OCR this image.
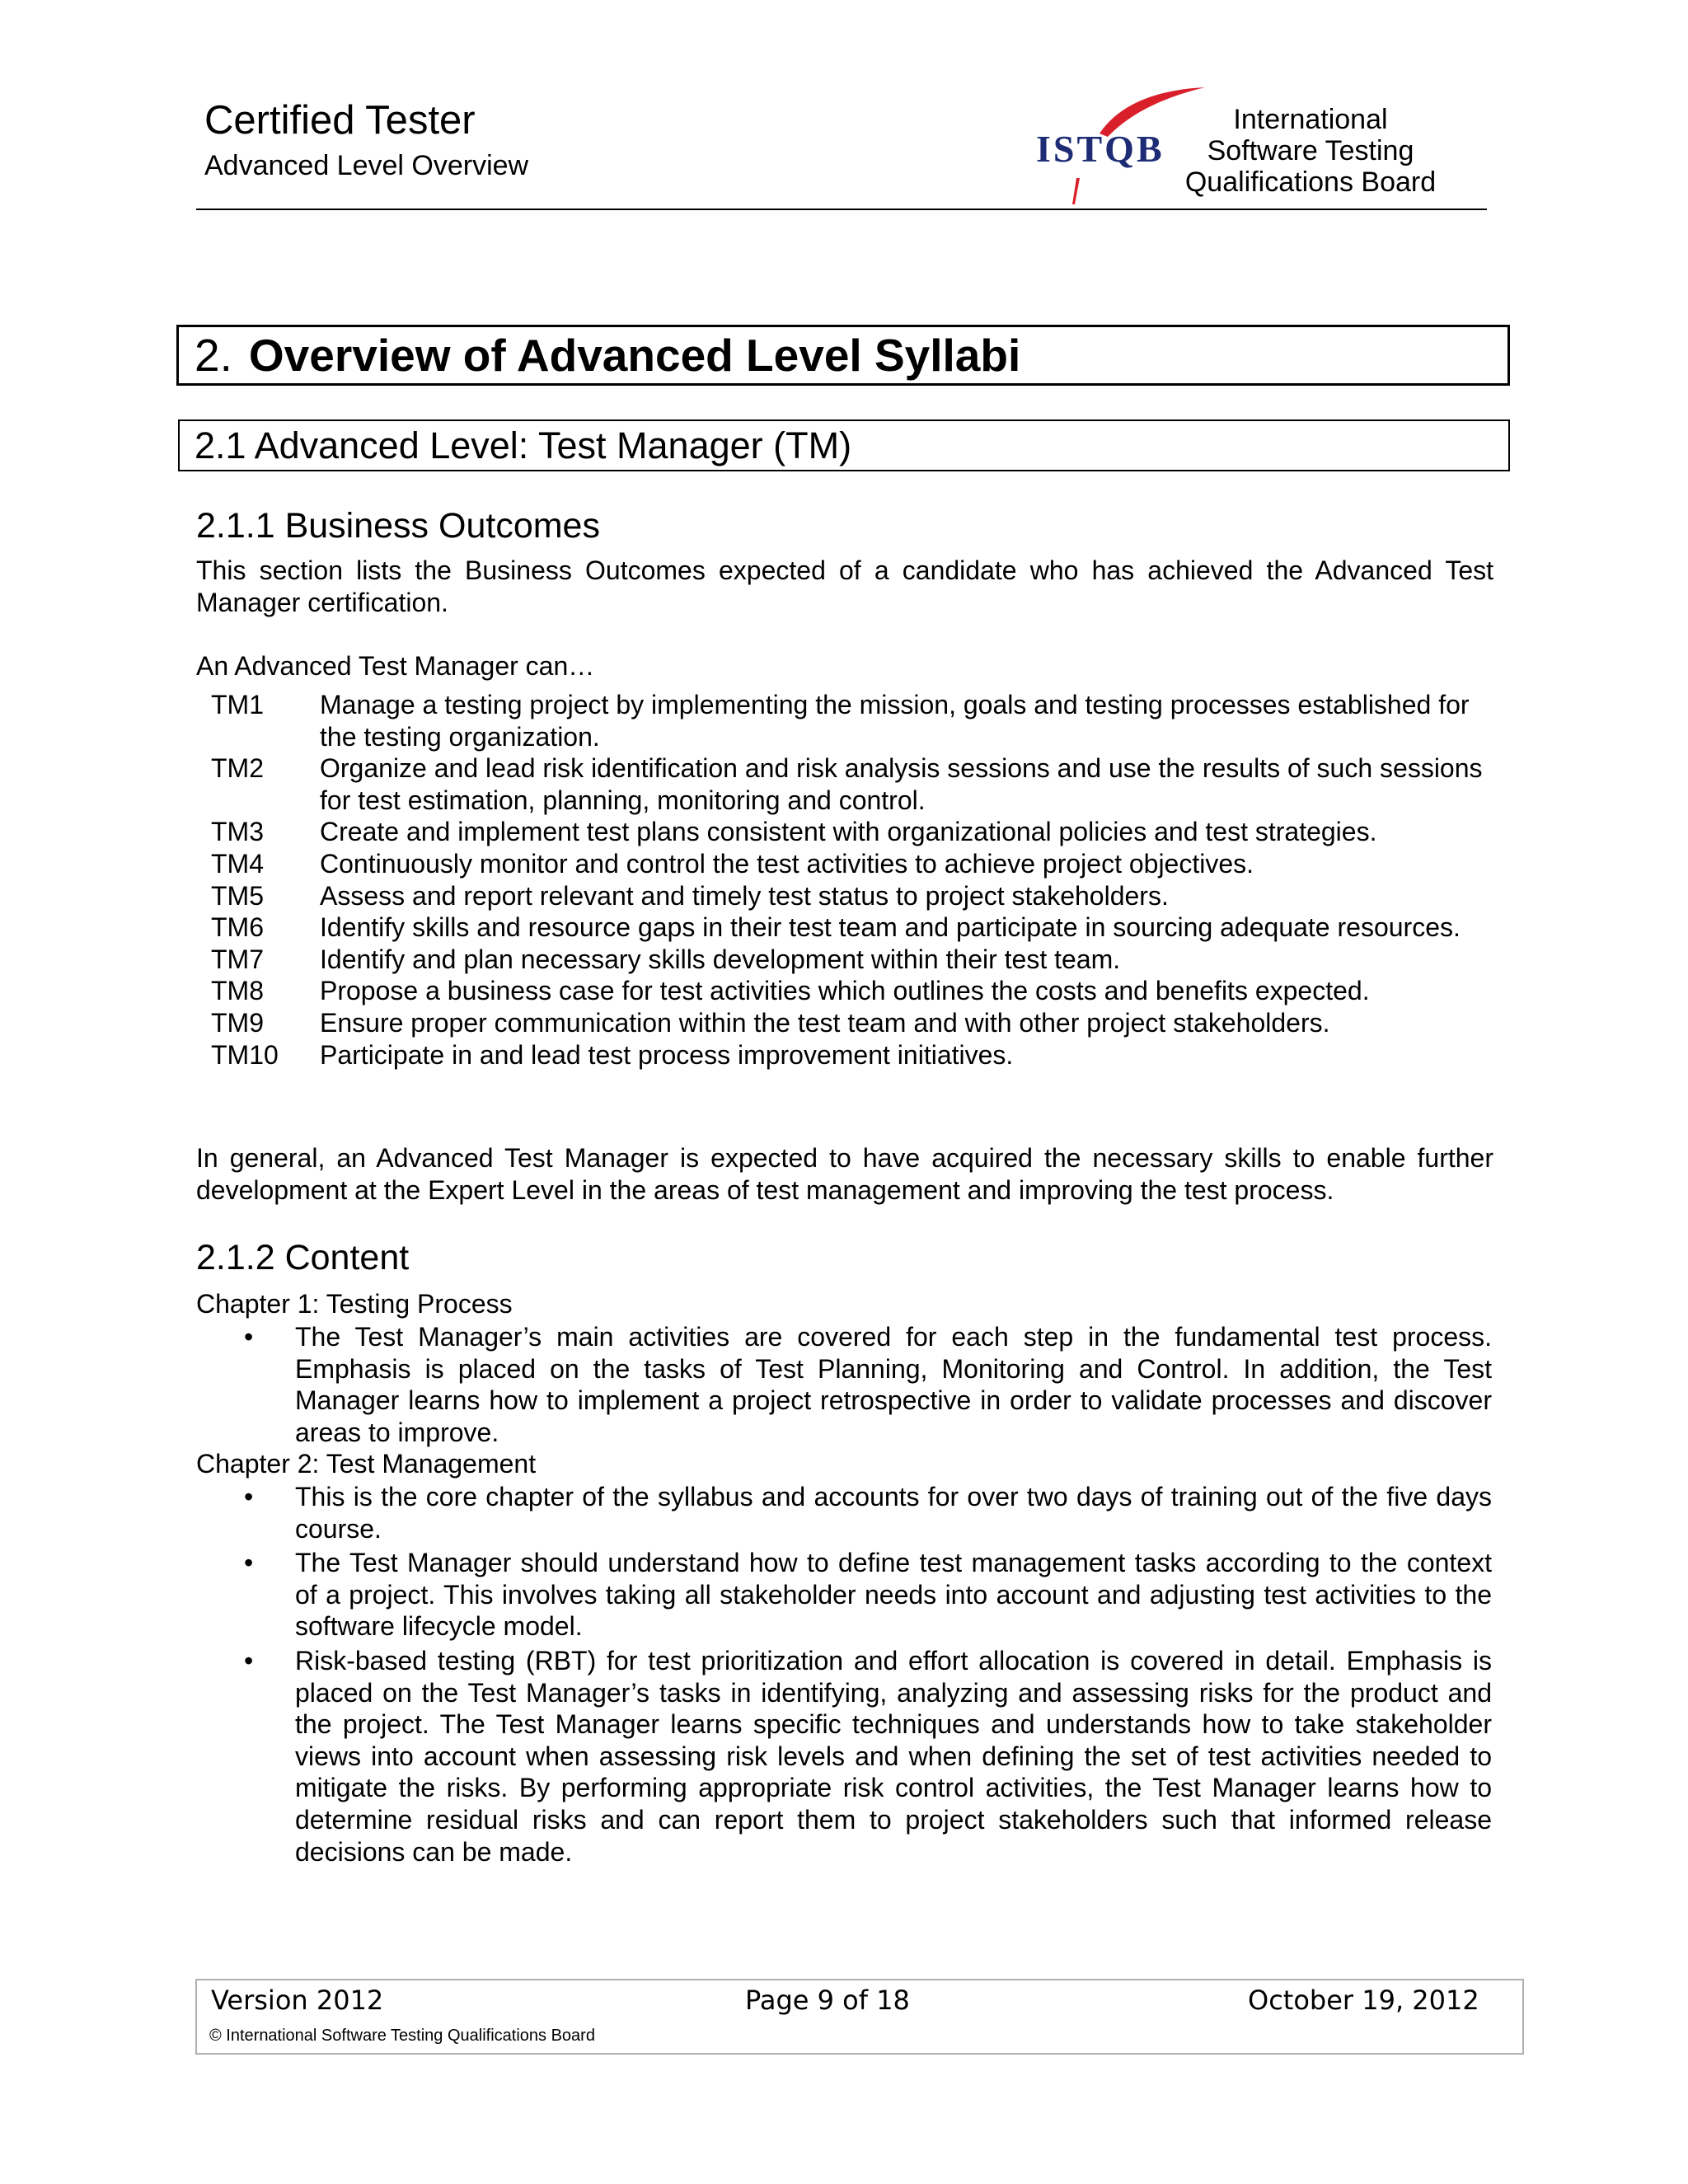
Certified Tester
Advanced Level Overview	ISTQB
International
Software Testing
Qualifications Board
2. Overview of Advanced Level Syllabi
2.1 Advanced Level: Test Manager (TM)
2.1.1 Business Outcomes
This section lists the Business Outcomes expected of a candidate who has achieved the Advanced Test Manager certification.
An Advanced Test Manager can…
TM1	Manage a testing project by implementing the mission, goals and testing processes established for the testing organization.
TM2	Organize and lead risk identification and risk analysis sessions and use the results of such sessions for test estimation, planning, monitoring and control.
TM3	Create and implement test plans consistent with organizational policies and test strategies.
TM4	Continuously monitor and control the test activities to achieve project objectives.
TM5	Assess and report relevant and timely test status to project stakeholders.
TM6	Identify skills and resource gaps in their test team and participate in sourcing adequate resources.
TM7	Identify and plan necessary skills development within their test team.
TM8	Propose a business case for test activities which outlines the costs and benefits expected.
TM9	Ensure proper communication within the test team and with other project stakeholders.
TM10	Participate in and lead test process improvement initiatives.
In general, an Advanced Test Manager is expected to have acquired the necessary skills to enable further development at the Expert Level in the areas of test management and improving the test process.
2.1.2 Content
Chapter 1: Testing Process
• The Test Manager’s main activities are covered for each step in the fundamental test process. Emphasis is placed on the tasks of Test Planning, Monitoring and Control. In addition, the Test Manager learns how to implement a project retrospective in order to validate processes and discover areas to improve.
Chapter 2: Test Management
• This is the core chapter of the syllabus and accounts for over two days of training out of the five days course.
• The Test Manager should understand how to define test management tasks according to the context of a project. This involves taking all stakeholder needs into account and adjusting test activities to the software lifecycle model.
• Risk-based testing (RBT) for test prioritization and effort allocation is covered in detail. Emphasis is placed on the Test Manager’s tasks in identifying, analyzing and assessing risks for the product and the project. The Test Manager learns specific techniques and understands how to take stakeholder views into account when assessing risk levels and when defining the set of test activities needed to mitigate the risks. By performing appropriate risk control activities, the Test Manager learns how to determine residual risks and can report them to project stakeholders such that informed release decisions can be made.
Version 2012	Page 9 of 18	October 19, 2012
© International Software Testing Qualifications Board
